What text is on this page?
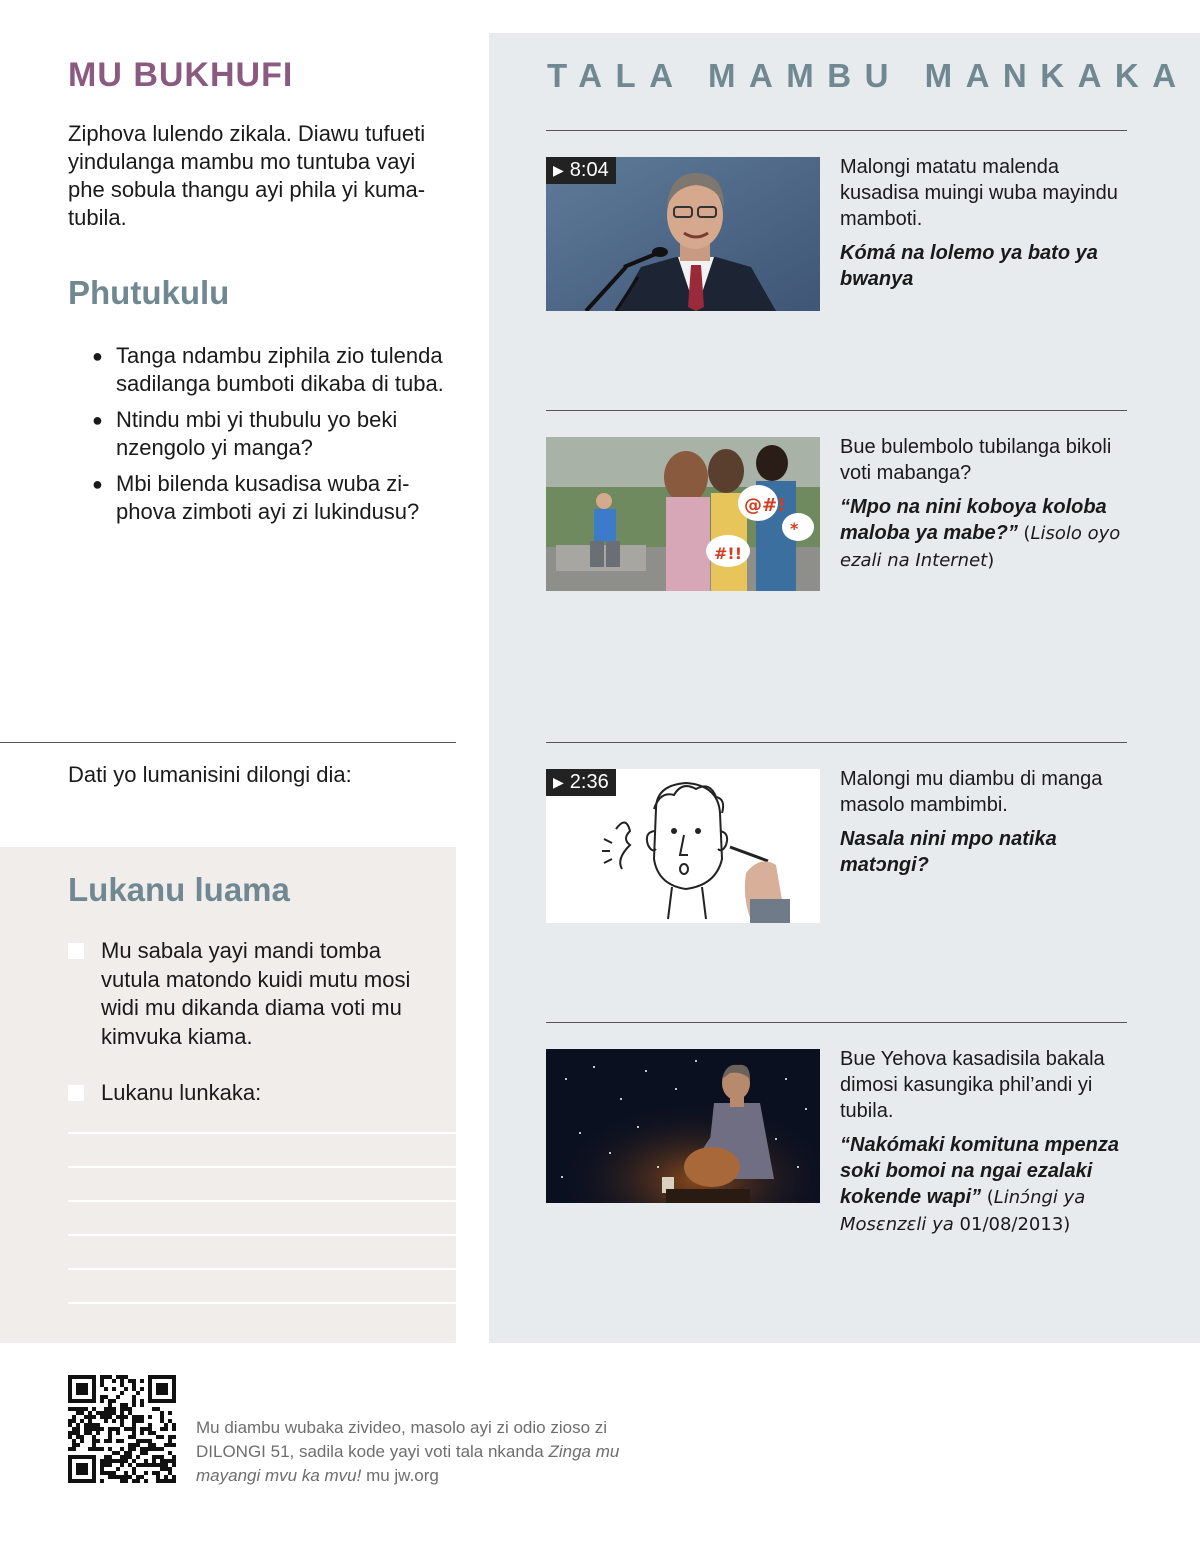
MU BUKHUFI
Ziphova lulendo zikala. Diawu tufueti yindulanga mambu mo tuntuba vayi phe sobula thangu ayi phila yi kuma-tubila.
Phutukulu
● Tanga ndambu ziphila zio tulenda sadilanga bumboti dikaba di tuba.
● Ntindu mbi yi thubulu yo beki nzengolo yi manga?
● Mbi bilenda kusadisa wuba zi-phova zimboti ayi zi lukindusu?
Dati yo lumanisini dilongi dia:
Lukanu luama
Mu sabala yayi mandi tomba vutula matondo kuidi mutu mosi widi mu dikanda diama voti mu kimvuka kiama.
Lukanu lunkaka:
TALA MAMBU MANKAKA
▶ 8:04	Malongi matatu malenda kusadisa muingi wuba mayindu mamboti.
Kómá na lolemo ya bato ya bwanya
@#!
#!!
*
Bue bulembolo tubilanga bikoli voti mabanga?
“Mpo na nini koboya koloba maloba ya mabe?” (Lisolo oyo ezali na Internet)
▶ 2:36	Malongi mu diambu di manga masolo mambimbi.
Nasala nini mpo natika matɔngi?
Bue Yehova kasadisila bakala dimosi kasungika phil’andi yi tubila.
“Nakómaki komituna mpenza soki bomoi na ngai ezalaki kokende wapi” (Linɔ́ngi ya Mosɛnzɛli ya 01/08/2013)
Mu diambu wubaka zivideo, masolo ayi zi odio zioso zi DILONGI 51, sadila kode yayi voti tala nkanda Zinga mu mayangi mvu ka mvu! mu jw.org
